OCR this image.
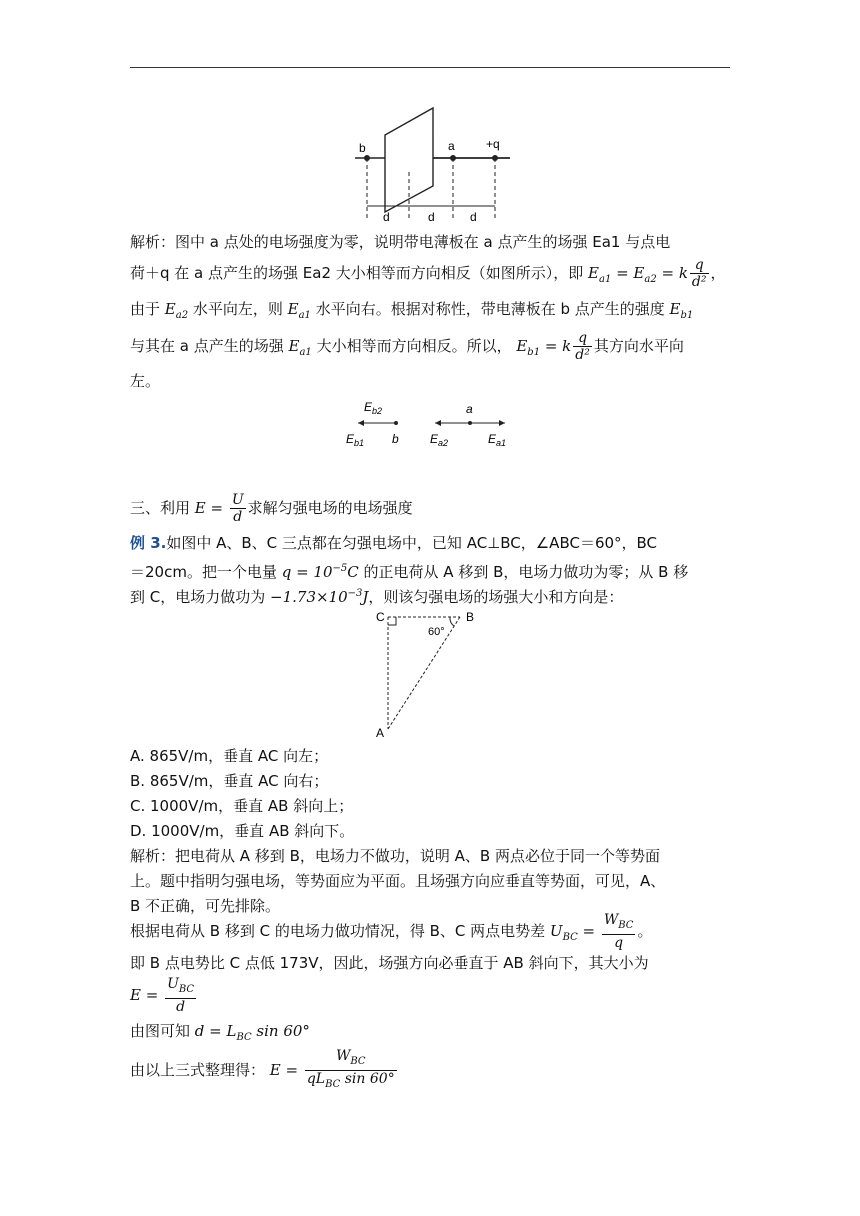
b	a	+q
d	d	d
解析：图中 a 点处的电场强度为零，说明带电薄板在 a 点产生的场强 Ea1 与点电
荷＋q 在 a 点产生的场强 Ea2 大小相等而方向相反（如图所示），即 $E_{a1} = E_{a2} = k \frac{q}{\text{d²}}$ ，
由于 $E_{a2}$ 水平向左，则 $E_{a1}$ 水平向右。根据对称性，带电薄板在 b 点产生的强度 $E_{b1}$
与其在 a 点产生的场强 $E_{a1}$ 大小相等而方向相反。所以， $E_{b1} = k \frac{q}{\text{d²}}$ 其方向水平向
左。
$E_{b2}$
$E_{b1}$ b
a
$E_{a2}$	$E_{a1}$
三、利用 $E = \frac{U}{d}$ 求解匀强电场的电场强度
例 3.如图中 A、B、C 三点都在匀强电场中，已知 AC⊥BC，∠ABC＝60°，BC
＝20cm。把一个电量 $q = 10^{-5}C$ 的正电荷从 A 移到 B，电场力做功为零；从 B 移
到 C，电场力做功为 $-1.73\times 10^{-3}J$，则该匀强电场的场强大小和方向是：
C	B
A
60°
A. 865V/m，垂直 AC 向左；
B. 865V/m，垂直 AC 向右；
C. 1000V/m，垂直 AB 斜向上；
D. 1000V/m，垂直 AB 斜向下。
解析：把电荷从 A 移到 B，电场力不做功，说明 A、B 两点必位于同一个等势面
上。题中指明匀强电场，等势面应为平面。且场强方向应垂直等势面，可见，A、
B 不正确，可先排除。
根据电荷从 B 移到 C 的电场力做功情况，得 B、C 两点电势差 $U_{BC} = \frac{W_{BC}}{q}$ 。
即 B 点电势比 C 点低 173V，因此，场强方向必垂直于 AB 斜向下，其大小为
$E = \frac{U_{BC}}{d}$
由图可知 $d = L_{BC}$ sin 60°
由以上三式整理得： $E = \frac{W_{BC}}{qL_{BC} \sin 60^\circ}$
